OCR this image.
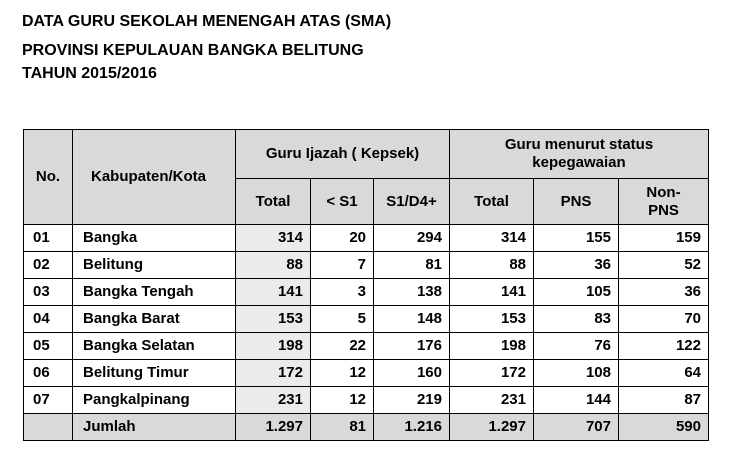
DATA GURU SEKOLAH MENENGAH ATAS (SMA)
PROVINSI KEPULAUAN BANGKA BELITUNG
TAHUN 2015/2016
No.	Kabupaten/Kota	Guru Ijazah ( Kepsek)			Guru menurut status kepegawaian		
		Total	< S1	S1/D4+	Total	PNS	Non-PNS
01	Bangka	314	20	294	314	155	159
02	Belitung	88	7	81	88	36	52
03	Bangka Tengah	141	3	138	141	105	36
04	Bangka Barat	153	5	148	153	83	70
05	Bangka Selatan	198	22	176	198	76	122
06	Belitung Timur	172	12	160	172	108	64
07	Pangkalpinang	231	12	219	231	144	87
	Jumlah	1.297	81	1.216	1.297	707	590
